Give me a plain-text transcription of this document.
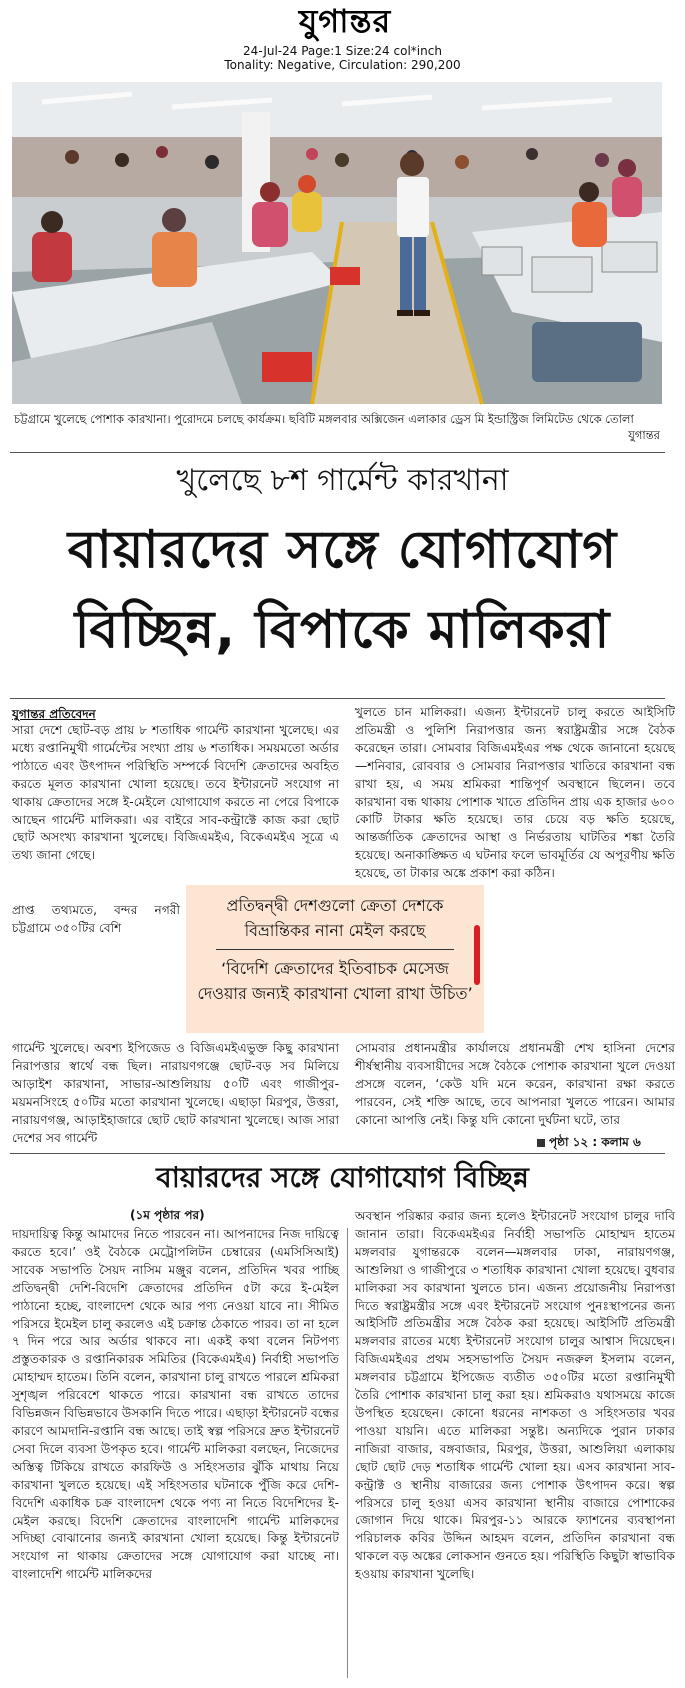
যুগান্তর
24-Jul-24 Page:1 Size:24 col*inch
Tonality: Negative, Circulation: 290,200
চট্টগ্রামে খুলেছে পোশাক কারখানা। পুরোদমে চলছে কার্যক্রম। ছবিটি মঙ্গলবার অক্সিজেন এলাকার ড্রেস মি ইন্ডাস্ট্রিজ লিমিটেড থেকে তোলা
যুগান্তর
খুলেছে ৮শ গার্মেন্ট কারখানা
বায়ারদের সঙ্গে যোগাযোগ
বিচ্ছিন্ন, বিপাকে মালিকরা
যুগান্তর প্রতিবেদন

সারা দেশে ছোট-বড় প্রায় ৮ শতাধিক গার্মেন্ট কারখানা খুলেছে। এর মধ্যে রপ্তানিমুখী গার্মেন্টের সংখ্যা প্রায় ৬ শতাধিক। সময়মতো অর্ডার পাঠাতে এবং উৎপাদন পরিস্থিতি সম্পর্কে বিদেশি ক্রেতাদের অবহিত করতে মূলত কারখানা খোলা হয়েছে। তবে ইন্টারনেট সংযোগ না থাকায় ক্রেতাদের সঙ্গে ই-মেইলে যোগাযোগ করতে না পেরে বিপাকে আছেন গার্মেন্ট মালিকরা। এর বাইরে সাব-কন্ট্রাক্টে কাজ করা ছোট ছোট অসংখ্য কারখানা খুলেছে। বিজিএমইএ, বিকেএমইএ সূত্রে এ তথ্য জানা গেছে।

প্রাপ্ত তথ্যমতে, বন্দর নগরী চট্টগ্রামে ৩৫০টির বেশি

খুলতে চান মালিকরা। এজন্য ইন্টারনেট চালু করতে আইসিটি প্রতিমন্ত্রী ও পুলিশি নিরাপত্তার জন্য স্বরাষ্ট্রমন্ত্রীর সঙ্গে বৈঠক করেছেন তারা। সোমবার বিজিএমইএর পক্ষ থেকে জানানো হয়েছে—শনিবার, রোববার ও সোমবার নিরাপত্তার খাতিরে কারখানা বন্ধ রাখা হয়, এ সময় শ্রমিকরা শান্তিপূর্ণ অবস্থানে ছিলেন। তবে কারখানা বন্ধ থাকায় পোশাক খাতে প্রতিদিন প্রায় এক হাজার ৬০০ কোটি টাকার ক্ষতি হয়েছে। তার চেয়ে বড় ক্ষতি হয়েছে, আন্তর্জাতিক ক্রেতাদের আস্থা ও নির্ভরতায় ঘাটতির শঙ্কা তৈরি হয়েছে। অনাকাঙ্ক্ষিত এ ঘটনার ফলে ভাবমূর্তির যে অপূরণীয় ক্ষতি হয়েছে, তা টাকার অঙ্কে প্রকাশ করা কঠিন।

প্রতিদ্বন্দ্বী দেশগুলো ক্রেতা দেশকে বিভ্রান্তিকর নানা মেইল করছে
‘বিদেশি ক্রেতাদের ইতিবাচক মেসেজ দেওয়ার জন্যই কারখানা খোলা রাখা উচিত’

গার্মেন্ট খুলেছে। অবশ্য ইপিজেড ও বিজিএমইএভুক্ত কিছু কারখানা নিরাপত্তার স্বার্থে বন্ধ ছিল। নারায়ণগঞ্জে ছোট-বড় সব মিলিয়ে আড়াইশ কারখানা, সাভার-আশুলিয়ায় ৫০টি এবং গাজীপুর-ময়মনসিংহে ৫০টির মতো কারখানা খুলেছে। এছাড়া মিরপুর, উত্তরা, নারায়ণগঞ্জ, আড়াইহাজারে ছোট ছোট কারখানা খুলেছে। আজ সারা দেশের সব গার্মেন্ট

সোমবার প্রধানমন্ত্রীর কার্যালয়ে প্রধানমন্ত্রী শেখ হাসিনা দেশের শীর্ষস্থানীয় ব্যবসায়ীদের সঙ্গে বৈঠকে পোশাক কারখানা খুলে দেওয়া প্রসঙ্গে বলেন, ‘কেউ যদি মনে করেন, কারখানা রক্ষা করতে পারবেন, সেই শক্তি আছে, তবে আপনারা খুলতে পারেন। আমার কোনো আপত্তি নেই। কিন্তু যদি কোনো দুর্ঘটনা ঘটে, তার

পৃষ্ঠা ১২ : কলাম ৬
বায়ারদের সঙ্গে যোগাযোগ বিচ্ছিন্ন
(১ম পৃষ্ঠার পর)

দায়দায়িত্ব কিন্তু আমাদের নিতে পারবেন না। আপনাদের নিজ দায়িত্বে করতে হবে।’ ওই বৈঠকে মেট্রোপলিটন চেম্বারের (এমসিসিআই) সাবেক সভাপতি সৈয়দ নাসিম মঞ্জুর বলেন, প্রতিদিন খবর পাচ্ছি প্রতিদ্বন্দ্বী দেশি-বিদেশি ক্রেতাদের প্রতিদিন ৫টা করে ই-মেইল পাঠানো হচ্ছে, বাংলাদেশ থেকে আর পণ্য নেওয়া যাবে না। সীমিত পরিসরে ইমেইল চালু করলেও এই চক্রান্ত ঠেকাতে পারব। তা না হলে ৭ দিন পরে আর অর্ডার থাকবে না। একই কথা বলেন নিটপণ্য প্রস্তুতকারক ও রপ্তানিকারক সমিতির (বিকেএমইএ) নির্বাহী সভাপতি মোহাম্মদ হাতেম। তিনি বলেন, কারখানা চালু রাখতে পারলে শ্রমিকরা সুশৃঙ্খল পরিবেশে থাকতে পারে। কারখানা বন্ধ রাখতে তাদের বিভিন্নজন বিভিন্নভাবে উসকানি দিতে পারে। এছাড়া ইন্টারনেট বন্ধের কারণে আমদানি-রপ্তানি বন্ধ আছে। তাই স্বল্প পরিসরে দ্রুত ইন্টারনেট সেবা দিলে ব্যবসা উপকৃত হবে। গার্মেন্ট মালিকরা বলছেন, নিজেদের অস্তিত্ব টিকিয়ে রাখতে কারফিউ ও সহিংসতার ঝুঁকি মাথায় নিয়ে কারখানা খুলতে হয়েছে। এই সহিংসতার ঘটনাকে পুঁজি করে দেশি-বিদেশি একাধিক চক্র বাংলাদেশ থেকে পণ্য না নিতে বিদেশিদের ই-মেইল করছে। বিদেশি ক্রেতাদের বাংলাদেশি গার্মেন্ট মালিকদের সদিচ্ছা বোঝানোর জন্যই কারখানা খোলা হয়েছে। কিন্তু ইন্টারনেট সংযোগ না থাকায় ক্রেতাদের সঙ্গে যোগাযোগ করা যাচ্ছে না। বাংলাদেশি গার্মেন্ট মালিকদের

অবস্থান পরিষ্কার করার জন্য হলেও ইন্টারনেট সংযোগ চালুর দাবি জানান তারা। বিকেএমইএর নির্বাহী সভাপতি মোহাম্মদ হাতেম মঙ্গলবার যুগান্তরকে বলেন—মঙ্গলবার ঢাকা, নারায়ণগঞ্জ, আশুলিয়া ও গাজীপুরে ৩ শতাধিক কারখানা খোলা হয়েছে। বুধবার মালিকরা সব কারখানা খুলতে চান। এজন্য প্রয়োজনীয় নিরাপত্তা দিতে স্বরাষ্ট্রমন্ত্রীর সঙ্গে এবং ইন্টারনেট সংযোগ পুনঃস্থাপনের জন্য আইসিটি প্রতিমন্ত্রীর সঙ্গে বৈঠক করা হয়েছে। আইসিটি প্রতিমন্ত্রী মঙ্গলবার রাতের মধ্যে ইন্টারনেট সংযোগ চালুর আশ্বাস দিয়েছেন। বিজিএমইএর প্রথম সহসভাপতি সৈয়দ নজরুল ইসলাম বলেন, মঙ্গলবার চট্টগ্রামে ইপিজেড ব্যতীত ৩৫০টির মতো রপ্তানিমুখী তৈরি পোশাক কারখানা চালু করা হয়। শ্রমিকরাও যথাসময়ে কাজে উপস্থিত হয়েছেন। কোনো ধরনের নাশকতা ও সহিংসতার খবর পাওয়া যায়নি। এতে মালিকরা সন্তুষ্ট। অন্যদিকে পুরান ঢাকার নাজিরা বাজার, বঙ্গবাজার, মিরপুর, উত্তরা, আশুলিয়া এলাকায় ছোট ছোট দেড় শতাধিক গার্মেন্ট খোলা হয়। এসব কারখানা সাব-কন্ট্রাক্ট ও স্থানীয় বাজারের জন্য পোশাক উৎপাদন করে। স্বল্প পরিসরে চালু হওয়া এসব কারখানা স্থানীয় বাজারে পোশাকের জোগান দিয়ে থাকে। মিরপুর-১১ আরকে ফ্যাশনের ব্যবস্থাপনা পরিচালক কবির উদ্দিন আহমদ বলেন, প্রতিদিন কারখানা বন্ধ থাকলে বড় অঙ্কের লোকসান গুনতে হয়। পরিস্থিতি কিছুটা স্বাভাবিক হওয়ায় কারখানা খুলেছি।
